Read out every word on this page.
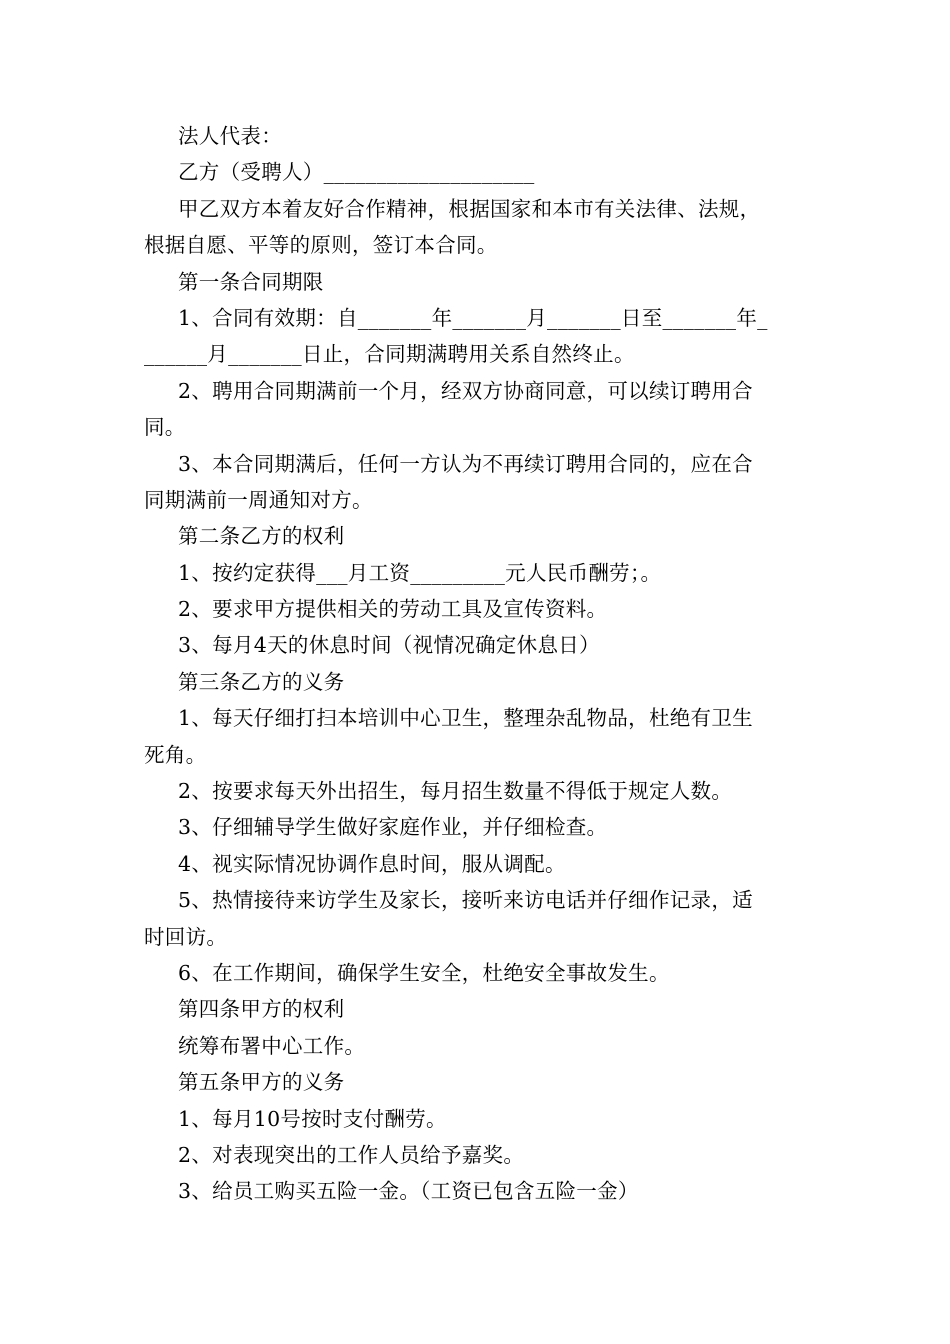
法人代表：
乙方（受聘人）____________________
甲乙双方本着友好合作精神，根据国家和本市有关法律、法规，
根据自愿、平等的原则，签订本合同。
第一条合同期限
1、合同有效期：自_______年_______月_______日至_______年_
______月_______日止，合同期满聘用关系自然终止。
2、聘用合同期满前一个月，经双方协商同意，可以续订聘用合
同。
3、本合同期满后，任何一方认为不再续订聘用合同的，应在合
同期满前一周通知对方。
第二条乙方的权利
1、按约定获得___月工资_________元人民币酬劳；。
2、要求甲方提供相关的劳动工具及宣传资料。
3、每月4天的休息时间（视情况确定休息日）
第三条乙方的义务
1、每天仔细打扫本培训中心卫生，整理杂乱物品，杜绝有卫生
死角。
2、按要求每天外出招生，每月招生数量不得低于规定人数。
3、仔细辅导学生做好家庭作业，并仔细检查。
4、视实际情况协调作息时间，服从调配。
5、热情接待来访学生及家长，接听来访电话并仔细作记录，适
时回访。
6、在工作期间，确保学生安全，杜绝安全事故发生。
第四条甲方的权利
统筹布署中心工作。
第五条甲方的义务
1、每月10号按时支付酬劳。
2、对表现突出的工作人员给予嘉奖。
3、给员工购买五险一金。（工资已包含五险一金）
